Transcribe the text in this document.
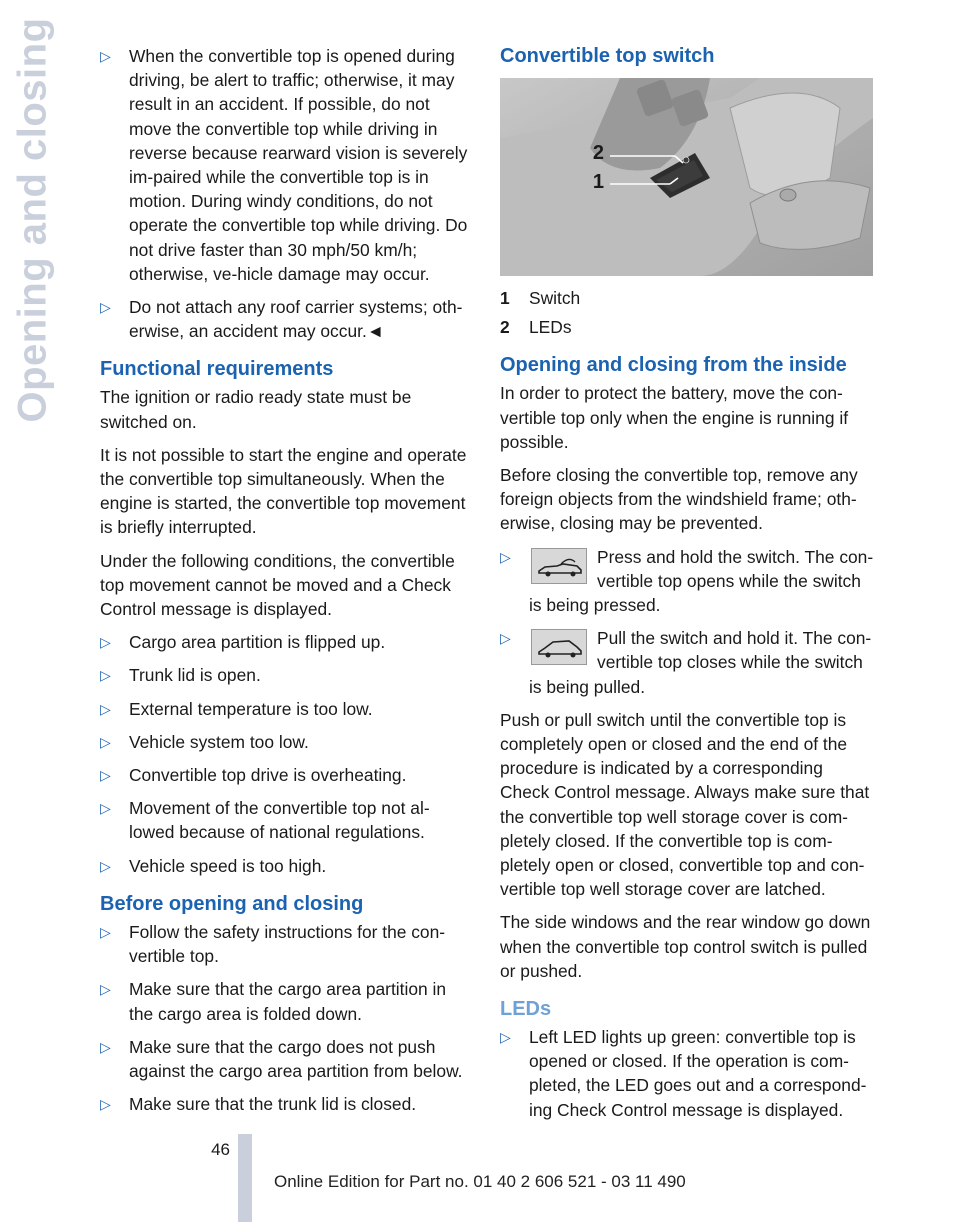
Opening and closing	▷ When the convertible top is opened during driving, be alert to traffic; otherwise, it may result in an accident. If possible, do not move the convertible top while driving in reverse because rearward vision is severely im-paired while the convertible top is in motion. During windy conditions, do not operate the convertible top while driving. Do not drive faster than 30 mph/50 km/h; otherwise, ve-hicle damage may occur.
▷ Do not attach any roof carrier systems; oth-erwise, an accident may occur.◄
Functional requirements

The ignition or radio ready state must be switched on.

It is not possible to start the engine and operate the convertible top simultaneously. When the engine is started, the convertible top movement is briefly interrupted.

Under the following conditions, the convertible top movement cannot be moved and a Check Control message is displayed.

▷ Cargo area partition is flipped up.
▷ Trunk lid is open.
▷ External temperature is too low.
▷ Vehicle system too low.
▷ Convertible top drive is overheating.
▷ Movement of the convertible top not al-lowed because of national regulations.
▷ Vehicle speed is too high.
Before opening and closing
▷ Follow the safety instructions for the con-vertible top.
▷ Make sure that the cargo area partition in the cargo area is folded down.
▷ Make sure that the cargo does not push against the cargo area partition from below.
▷ Make sure that the trunk lid is closed.
Convertible top switch
2
1
1	Switch
2	LEDs
Opening and closing from the inside

In order to protect the battery, move the con-vertible top only when the engine is running if possible.

Before closing the convertible top, remove any foreign objects from the windshield frame; oth-erwise, closing may be prevented.

▷	Press and hold the switch. The con-vertible top opens while the switch is being pressed.
▷	Pull the switch and hold it. The con-vertible top closes while the switch is being pulled.

Push or pull switch until the convertible top is completely open or closed and the end of the procedure is indicated by a corresponding Check Control message. Always make sure that the convertible top well storage cover is com-pletely closed. If the convertible top is com-pletely open or closed, convertible top and con-vertible top well storage cover are latched.

The side windows and the rear window go down when the convertible top control switch is pulled or pushed.

LEDs
▷ Left LED lights up green: convertible top is opened or closed. If the operation is com-pleted, the LED goes out and a correspond-ing Check Control message is displayed.
46
Online Edition for Part no. 01 40 2 606 521 - 03 11 490
